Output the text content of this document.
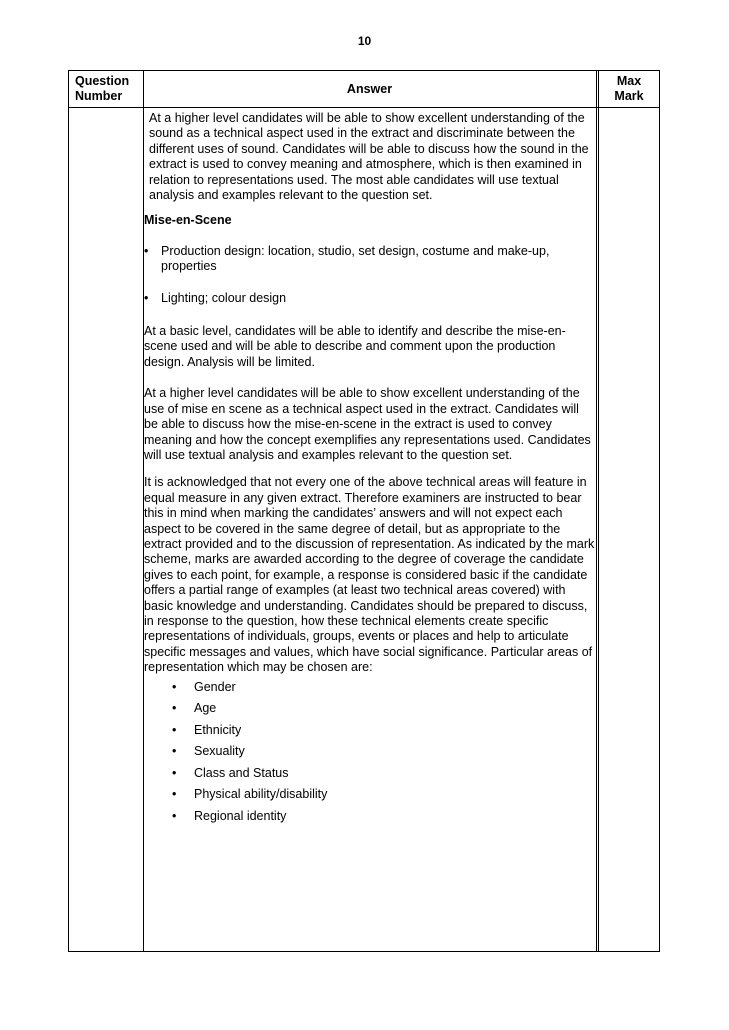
10
Question
Number	Answer
Max
Mark

At a higher level candidates will be able to show excellent understanding of the sound as a technical aspect used in the extract and discriminate between the different uses of sound. Candidates will be able to discuss how the sound in the extract is used to convey meaning and atmosphere, which is then examined in relation to representations used. The most able candidates will use textual analysis and examples relevant to the question set.

Mise-en-Scene

• Production design: location, studio, set design, costume and make-up, properties
• Lighting; colour design

At a basic level, candidates will be able to identify and describe the mise-en-scene used and will be able to describe and comment upon the production design. Analysis will be limited.

At a higher level candidates will be able to show excellent understanding of the use of mise en scene as a technical aspect used in the extract. Candidates will be able to discuss how the mise-en-scene in the extract is used to convey meaning and how the concept exemplifies any representations used. Candidates will use textual analysis and examples relevant to the question set.

It is acknowledged that not every one of the above technical areas will feature in equal measure in any given extract. Therefore examiners are instructed to bear this in mind when marking the candidates’ answers and will not expect each aspect to be covered in the same degree of detail, but as appropriate to the extract provided and to the discussion of representation. As indicated by the mark scheme, marks are awarded according to the degree of coverage the candidate gives to each point, for example, a response is considered basic if the candidate offers a partial range of examples (at least two technical areas covered) with basic knowledge and understanding. Candidates should be prepared to discuss, in response to the question, how these technical elements create specific representations of individuals, groups, events or places and help to articulate specific messages and values, which have social significance. Particular areas of representation which may be chosen are:

• Gender
• Age
• Ethnicity
• Sexuality
• Class and Status
• Physical ability/disability
• Regional identity
